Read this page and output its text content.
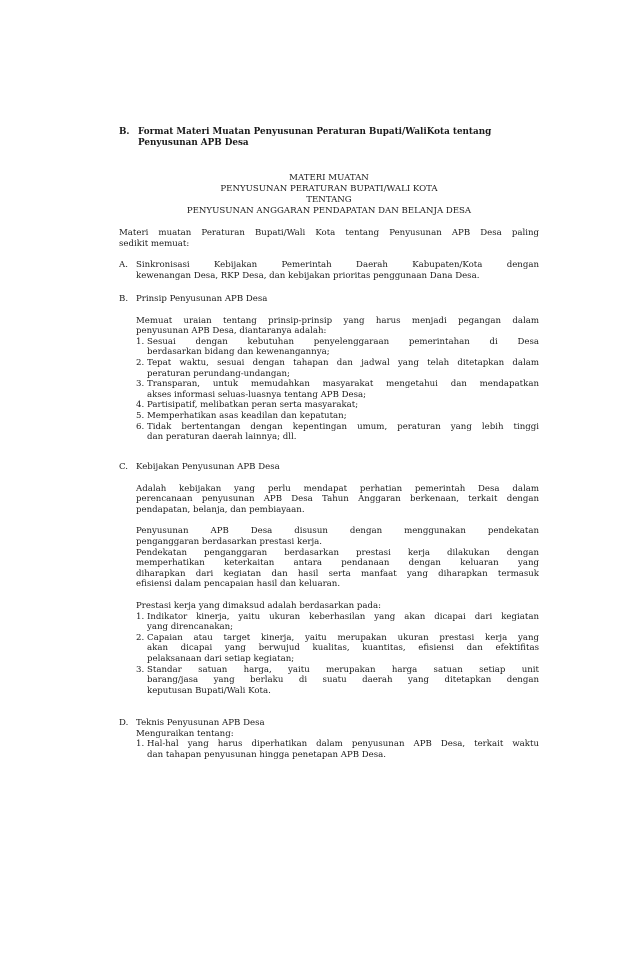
B. Format Materi Muatan Penyusunan Peraturan Bupati/WaliKota tentang
Penyusunan APB Desa
MATERI MUATAN
PENYUSUNAN PERATURAN BUPATI/WALI KOTA
TENTANG
PENYUSUNAN ANGGARAN PENDAPATAN DAN BELANJA DESA
Materi muatan Peraturan Bupati/Wali Kota tentang Penyusunan APB Desa paling
sedikit memuat:
A. Sinkronisasi Kebijakan Pemerintah Daerah Kabupaten/Kota dengan
kewenangan Desa, RKP Desa, dan kebijakan prioritas penggunaan Dana Desa.
B. Prinsip Penyusunan APB Desa
Memuat uraian tentang prinsip-prinsip yang harus menjadi pegangan dalam
penyusunan APB Desa, diantaranya adalah:
1. Sesuai dengan kebutuhan penyelenggaraan pemerintahan di Desa
berdasarkan bidang dan kewenangannya;
2. Tepat waktu, sesuai dengan tahapan dan jadwal yang telah ditetapkan dalam
peraturan perundang-undangan;
3. Transparan, untuk memudahkan masyarakat mengetahui dan mendapatkan
akses informasi seluas-luasnya tentang APB Desa;
4. Partisipatif, melibatkan peran serta masyarakat;
5. Memperhatikan asas keadilan dan kepatutan;
6. Tidak bertentangan dengan kepentingan umum, peraturan yang lebih tinggi
dan peraturan daerah lainnya; dll.
C. Kebijakan Penyusunan APB Desa
Adalah kebijakan yang perlu mendapat perhatian pemerintah Desa dalam
perencanaan penyusunan APB Desa Tahun Anggaran berkenaan, terkait dengan
pendapatan, belanja, dan pembiayaan.
Penyusunan APB Desa disusun dengan menggunakan pendekatan
penganggaran berdasarkan prestasi kerja.
Pendekatan penganggaran berdasarkan prestasi kerja dilakukan dengan
memperhatikan keterkaitan antara pendanaan dengan keluaran yang
diharapkan dari kegiatan dan hasil serta manfaat yang diharapkan termasuk
efisiensi dalam pencapaian hasil dan keluaran.
Prestasi kerja yang dimaksud adalah berdasarkan pada:
1. Indikator kinerja, yaitu ukuran keberhasilan yang akan dicapai dari kegiatan
yang direncanakan;
2. Capaian atau target kinerja, yaitu merupakan ukuran prestasi kerja yang
akan dicapai yang berwujud kualitas, kuantitas, efisiensi dan efektifitas
pelaksanaan dari setiap kegiatan;
3. Standar satuan harga, yaitu merupakan harga satuan setiap unit
barang/jasa yang berlaku di suatu daerah yang ditetapkan dengan
keputusan Bupati/Wali Kota.
D. Teknis Penyusunan APB Desa
Menguraikan tentang:
1. Hal-hal yang harus diperhatikan dalam penyusunan APB Desa, terkait waktu
dan tahapan penyusunan hingga penetapan APB Desa.
